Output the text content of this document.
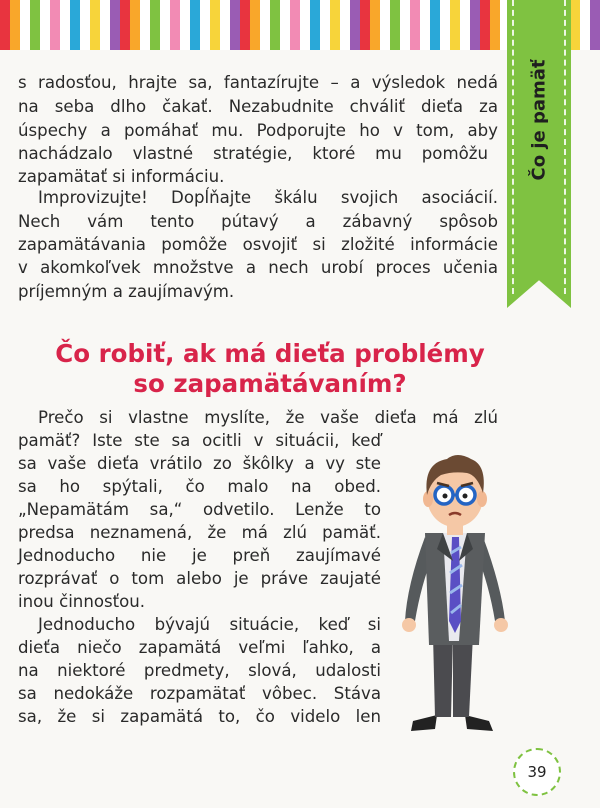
Čo je pamäť

s radosťou, hrajte sa, fantazírujte – a výsledok nedá

na seba dlho čakať. Nezabudnite chváliť dieťa za

úspechy a pomáhať mu. Podporujte ho v tom, aby

nachádzalo vlastné stratégie, ktoré mu pomôžu

zapamätať si informáciu.

Improvizujte! Dopĺňajte škálu svojich asociácií.

Nech vám tento pútavý a zábavný spôsob

zapamätávania pomôže osvojiť si zložité informácie

v akomkoľvek množstve a nech urobí proces učenia

príjemným a zaujímavým.

Čo robiť, ak má dieťa problémy
so zapamätávaním?

Prečo si vlastne myslíte, že vaše dieťa má zlú

pamäť? Iste ste sa ocitli v situácii, keď

sa vaše dieťa vrátilo zo škôlky a vy ste

sa ho spýtali, čo malo na obed.

„Nepamätám sa,“ odvetilo. Lenže to

predsa neznamená, že má zlú pamäť.

Jednoducho nie je preň zaujímavé

rozprávať o tom alebo je práve zaujaté

inou činnosťou.

Jednoducho bývajú situácie, keď si

dieťa niečo zapamätá veľmi ľahko, a

na niektoré predmety, slová, udalosti

sa nedokáže rozpamätať vôbec. Stáva

sa, že si zapamätá to, čo videlo len

39
